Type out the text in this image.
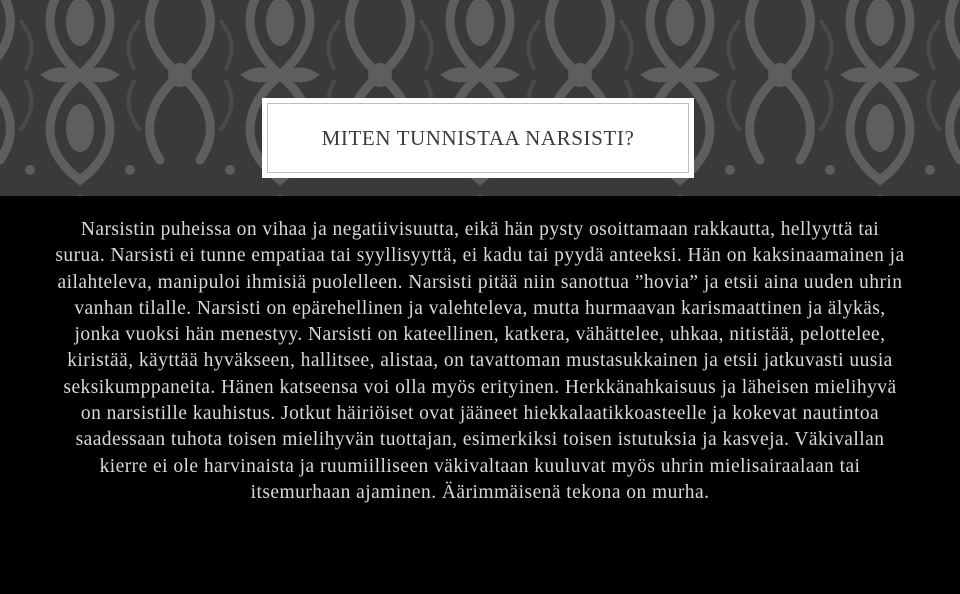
MITEN TUNNISTAA NARSISTI?

Narsistin puheissa on vihaa ja negatiivisuutta, eikä hän pysty osoittamaan rakkautta, hellyyttä tai surua. Narsisti ei tunne empatiaa tai syyllisyyttä, ei kadu tai pyydä anteeksi. Hän on kaksinaamainen ja ailahteleva, manipuloi ihmisiä puolelleen. Narsisti pitää niin sanottua ”hovia” ja etsii aina uuden uhrin vanhan tilalle. Narsisti on epärehellinen ja valehteleva, mutta hurmaavan karismaattinen ja älykäs, jonka vuoksi hän menestyy. Narsisti on kateellinen, katkera, vähättelee, uhkaa, nitistää, pelottelee, kiristää, käyttää hyväkseen, hallitsee, alistaa, on tavattoman mustasukkainen ja etsii jatkuvasti uusia seksikumppaneita. Hänen katseensa voi olla myös erityinen. Herkkänahkaisuus ja läheisen mielihyvä on narsistille kauhistus. Jotkut häiriöiset ovat jääneet hiekkalaatikkoasteelle ja kokevat nautintoa saadessaan tuhota toisen mielihyvän tuottajan, esimerkiksi toisen istutuksia ja kasveja. Väkivallan kierre ei ole harvinaista ja ruumiilliseen väkivaltaan kuuluvat myös uhrin mielisairaalaan tai itsemurhaan ajaminen. Äärimmäisenä tekona on murha.
